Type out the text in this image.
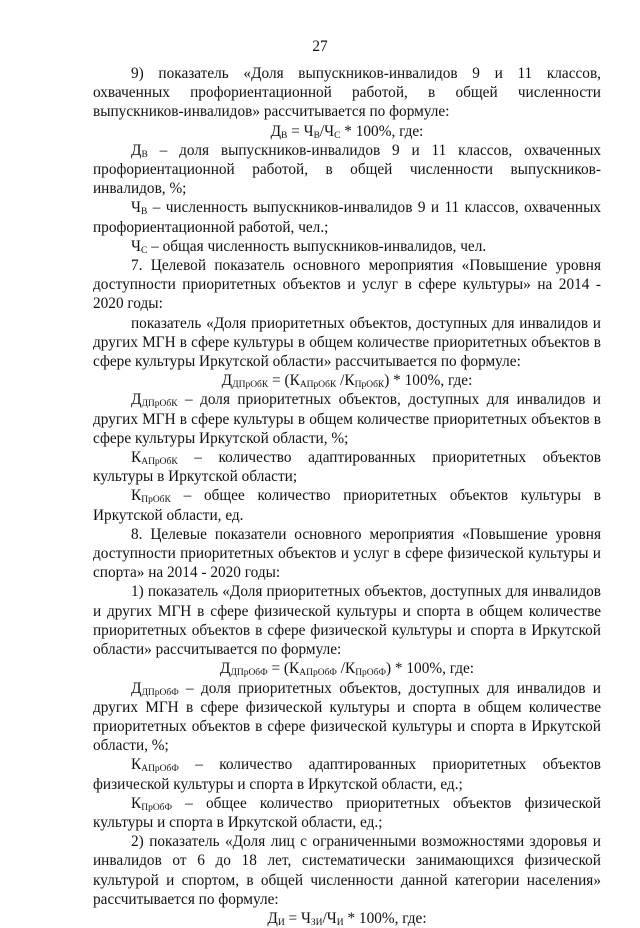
27

9) показатель «Доля выпускников-инвалидов 9 и 11 классов, охваченных профориентационной работой, в общей численности выпускников-инвалидов» рассчитывается по формуле:

$Д_В = Ч_В/Ч_С * 100\%$, где:

$Д_В$ – доля выпускников-инвалидов 9 и 11 классов, охваченных профориентационной работой, в общей численности выпускников-инвалидов, %;

$Ч_В$ – численность выпускников-инвалидов 9 и 11 классов, охваченных профориентационной работой, чел.;

$Ч_С$ – общая численность выпускников-инвалидов, чел.

7. Целевой показатель основного мероприятия «Повышение уровня доступности приоритетных объектов и услуг в сфере культуры» на 2014 - 2020 годы:

показатель «Доля приоритетных объектов, доступных для инвалидов и других МГН в сфере культуры в общем количестве приоритетных объектов в сфере культуры Иркутской области» рассчитывается по формуле:

$Д_{ДПрОбК} = (К_{АПрОбК}$ $/К_{ПрОбК}) * 100\%$, где:

$Д_{ДПрОбК}$ – доля приоритетных объектов, доступных для инвалидов и других МГН в сфере культуры в общем количестве приоритетных объектов в сфере культуры Иркутской области, %;

$К_{АПрОбК}$ – количество адаптированных приоритетных объектов культуры в Иркутской области;

$К_{ПрОбК}$ – общее количество приоритетных объектов культуры в Иркутской области, ед.

8. Целевые показатели основного мероприятия «Повышение уровня доступности приоритетных объектов и услуг в сфере физической культуры и спорта» на 2014 - 2020 годы:

1) показатель «Доля приоритетных объектов, доступных для инвалидов и других МГН в сфере физической культуры и спорта в общем количестве приоритетных объектов в сфере физической культуры и спорта в Иркутской области» рассчитывается по формуле:

$Д_{ДПрОбФ} = (К_{АПрОбФ}$ $/К_{ПрОбФ}) * 100\%$, где:

$Д_{ДПрОбФ}$ – доля приоритетных объектов, доступных для инвалидов и других МГН в сфере физической культуры и спорта в общем количестве приоритетных объектов в сфере физической культуры и спорта в Иркутской области, %;

$К_{АПрОбФ}$ – количество адаптированных приоритетных объектов физической культуры и спорта в Иркутской области, ед.;

$К_{ПрОбФ}$ – общее количество приоритетных объектов физической культуры и спорта в Иркутской области, ед.;

2) показатель «Доля лиц с ограниченными возможностями здоровья и инвалидов от 6 до 18 лет, систематически занимающихся физической культурой и спортом, в общей численности данной категории населения» рассчитывается по формуле:

$Д_И = Ч_{ЗИ}/Ч_И * 100\%$, где:
